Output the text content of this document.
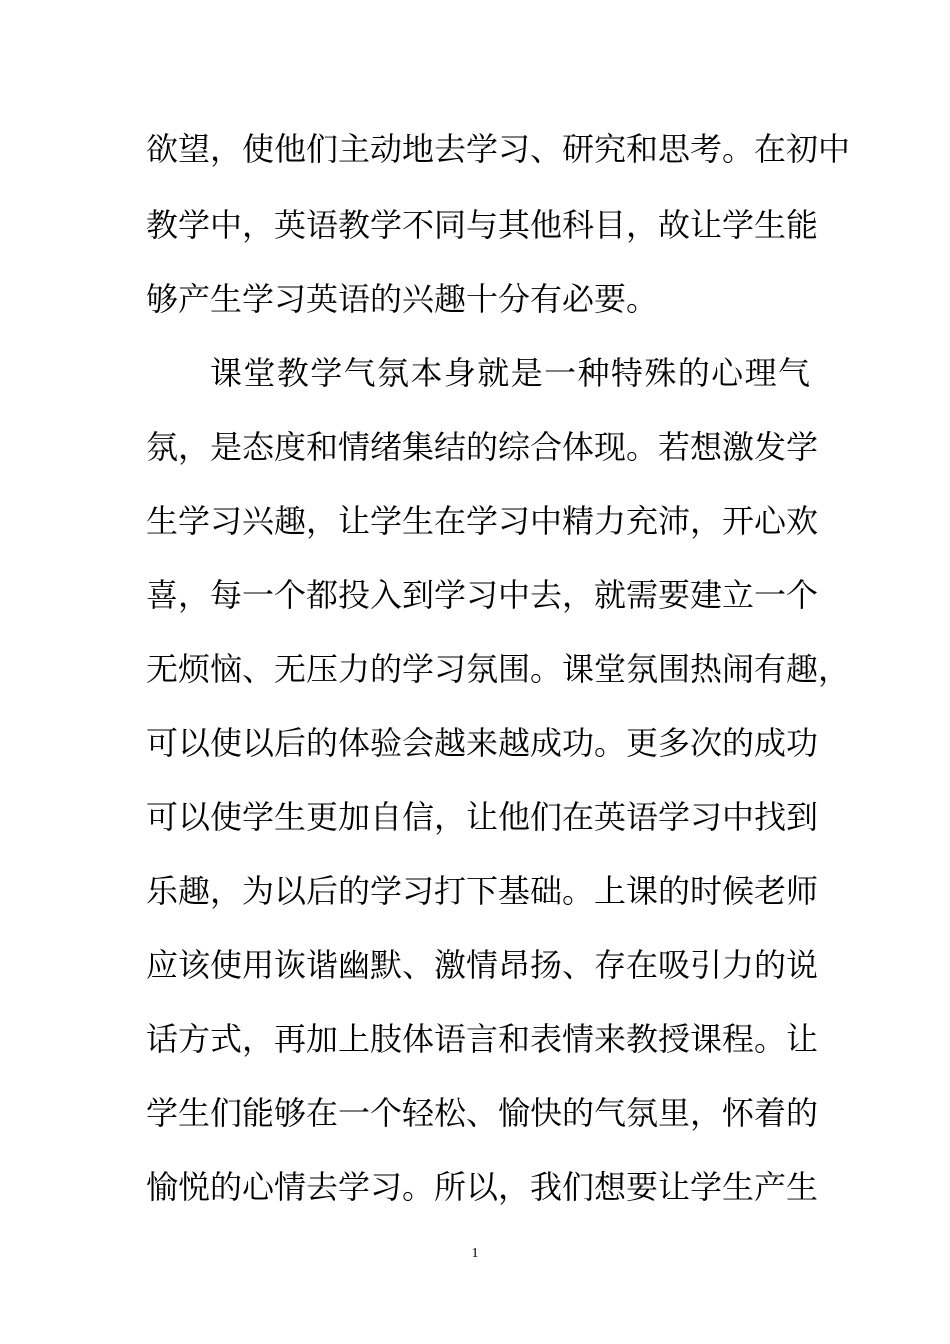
欲望，使他们主动地去学习、研究和思考。在初中
教学中，英语教学不同与其他科目，故让学生能
够产生学习英语的兴趣十分有必要。
课堂教学气氛本身就是一种特殊的心理气
氛，是态度和情绪集结的综合体现。若想激发学
生学习兴趣，让学生在学习中精力充沛，开心欢
喜，每一个都投入到学习中去，就需要建立一个
无烦恼、无压力的学习氛围。课堂氛围热闹有趣，
可以使以后的体验会越来越成功。更多次的成功
可以使学生更加自信，让他们在英语学习中找到
乐趣，为以后的学习打下基础。上课的时候老师
应该使用诙谐幽默、激情昂扬、存在吸引力的说
话方式，再加上肢体语言和表情来教授课程。让
学生们能够在一个轻松、愉快的气氛里，怀着的
愉悦的心情去学习。所以，我们想要让学生产生
1
